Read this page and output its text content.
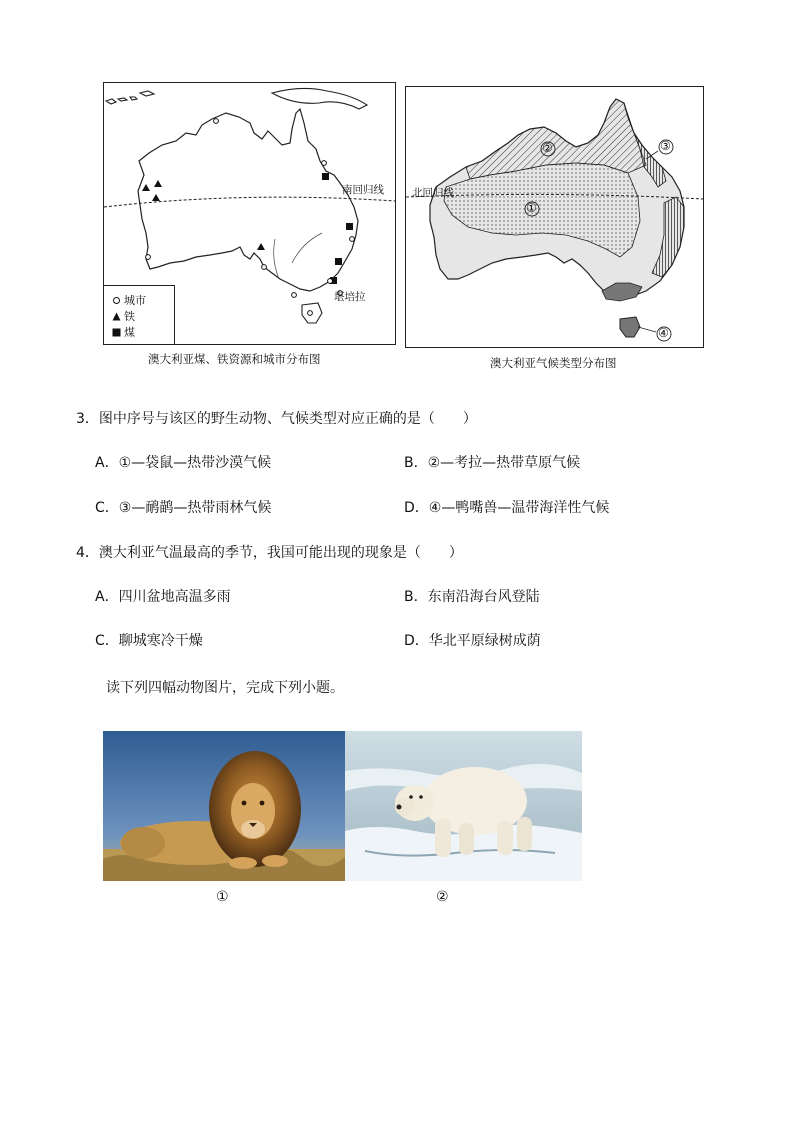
南回归线
堪培拉
城市
铁
煤
澳大利亚煤、铁资源和城市分布图
北回归线
①
②	③
④
澳大利亚气候类型分布图
3．图中序号与该区的野生动物、气候类型对应正确的是（　　）
A．①—袋鼠—热带沙漠气候	B．②—考拉—热带草原气候
C．③—鸸鹋—热带雨林气候	D．④—鸭嘴兽—温带海洋性气候
4．澳大利亚气温最高的季节，我国可能出现的现象是（　　）
A．四川盆地高温多雨	B．东南沿海台风登陆
C．聊城寒冷干燥	D．华北平原绿树成荫
读下列四幅动物图片，完成下列小题。
①	②
